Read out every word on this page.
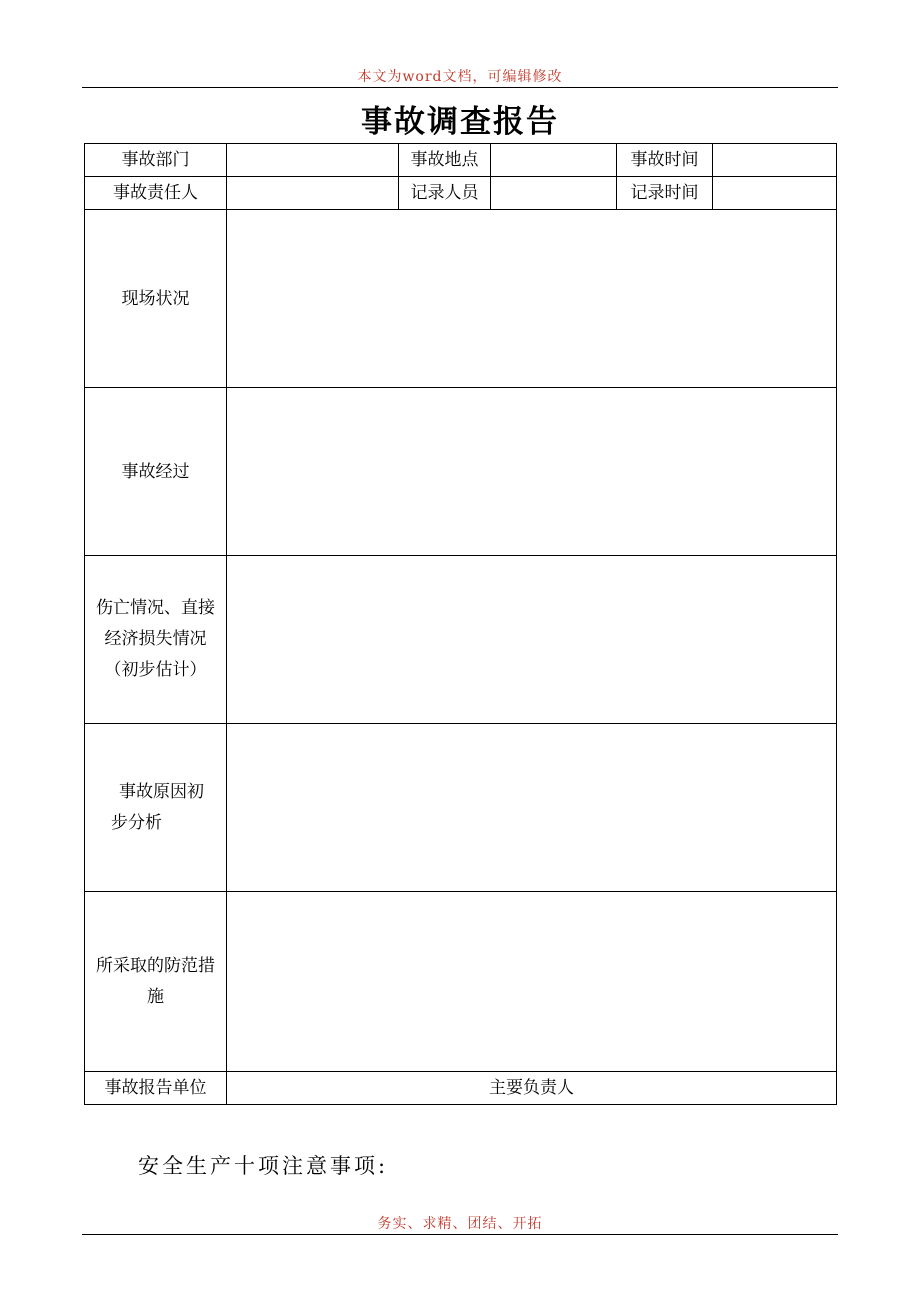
本文为word文档，可编辑修改
事故调查报告
事故部门		事故地点		事故时间	
事故责任人		记录人员		记录时间	
现场状况					
事故经过					

伤亡情况、直接
经济损失情况
（初步估计）					

事故原因初
步分析					

所采取的防范措
施					

事故报告单位	主要负责人				
安全生产十项注意事项:
务实、求精、团结、开拓
